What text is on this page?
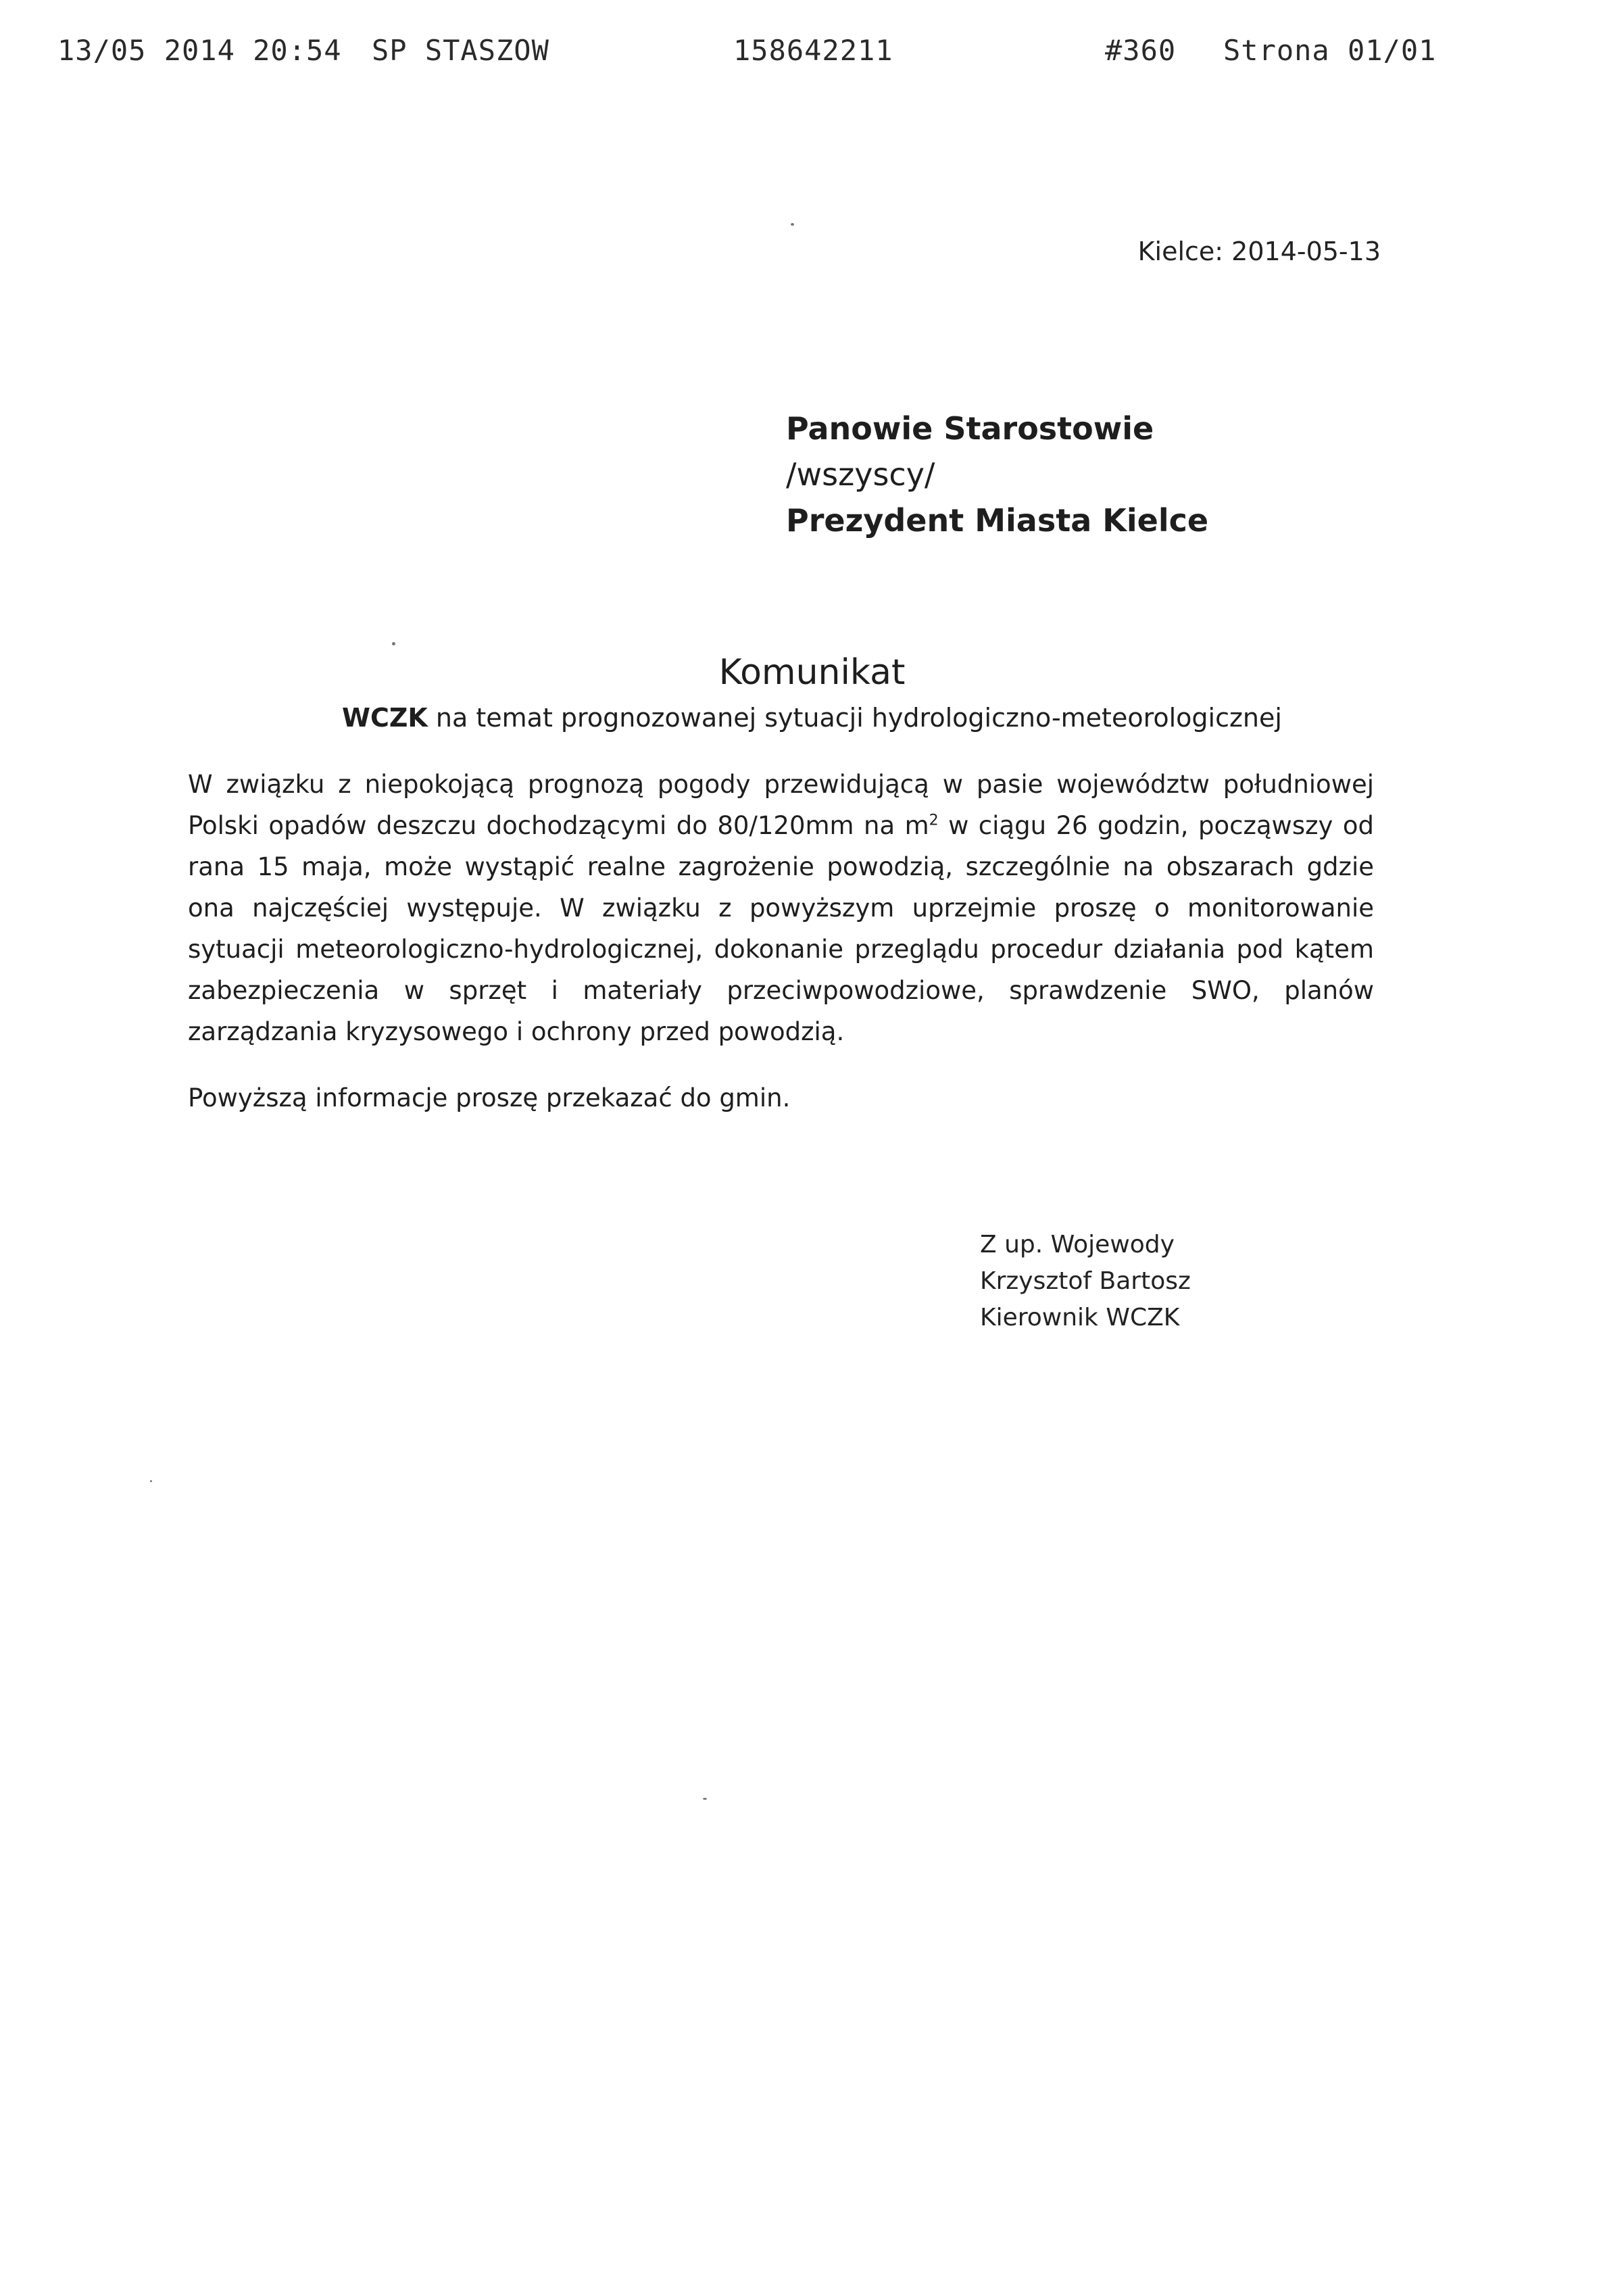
13/05 2014 20:54 SP STASZOW	158642211	#360 Strona 01/01
Kielce: 2014-05-13
Panowie Starostowie
/wszyscy/
Prezydent Miasta Kielce
Komunikat
WCZK na temat prognozowanej sytuacji hydrologiczno-meteorologicznej
W związku z niepokojącą prognozą pogody przewidującą w pasie województw południowej Polski opadów deszczu dochodzącymi do 80/120mm na $m^2$ w ciągu 26 godzin, począwszy od rana 15 maja, może wystąpić realne zagrożenie powodzią, szczególnie na obszarach gdzie ona najczęściej występuje. W związku z powyższym uprzejmie proszę o monitorowanie sytuacji meteorologiczno-hydrologicznej, dokonanie przeglądu procedur działania pod kątem zabezpieczenia w sprzęt i materiały przeciwpowodziowe, sprawdzenie SWO, planów zarządzania kryzysowego i ochrony przed powodzią.
Powyższą informacje proszę przekazać do gmin.
Z up. Wojewody
Krzysztof Bartosz
Kierownik WCZK
